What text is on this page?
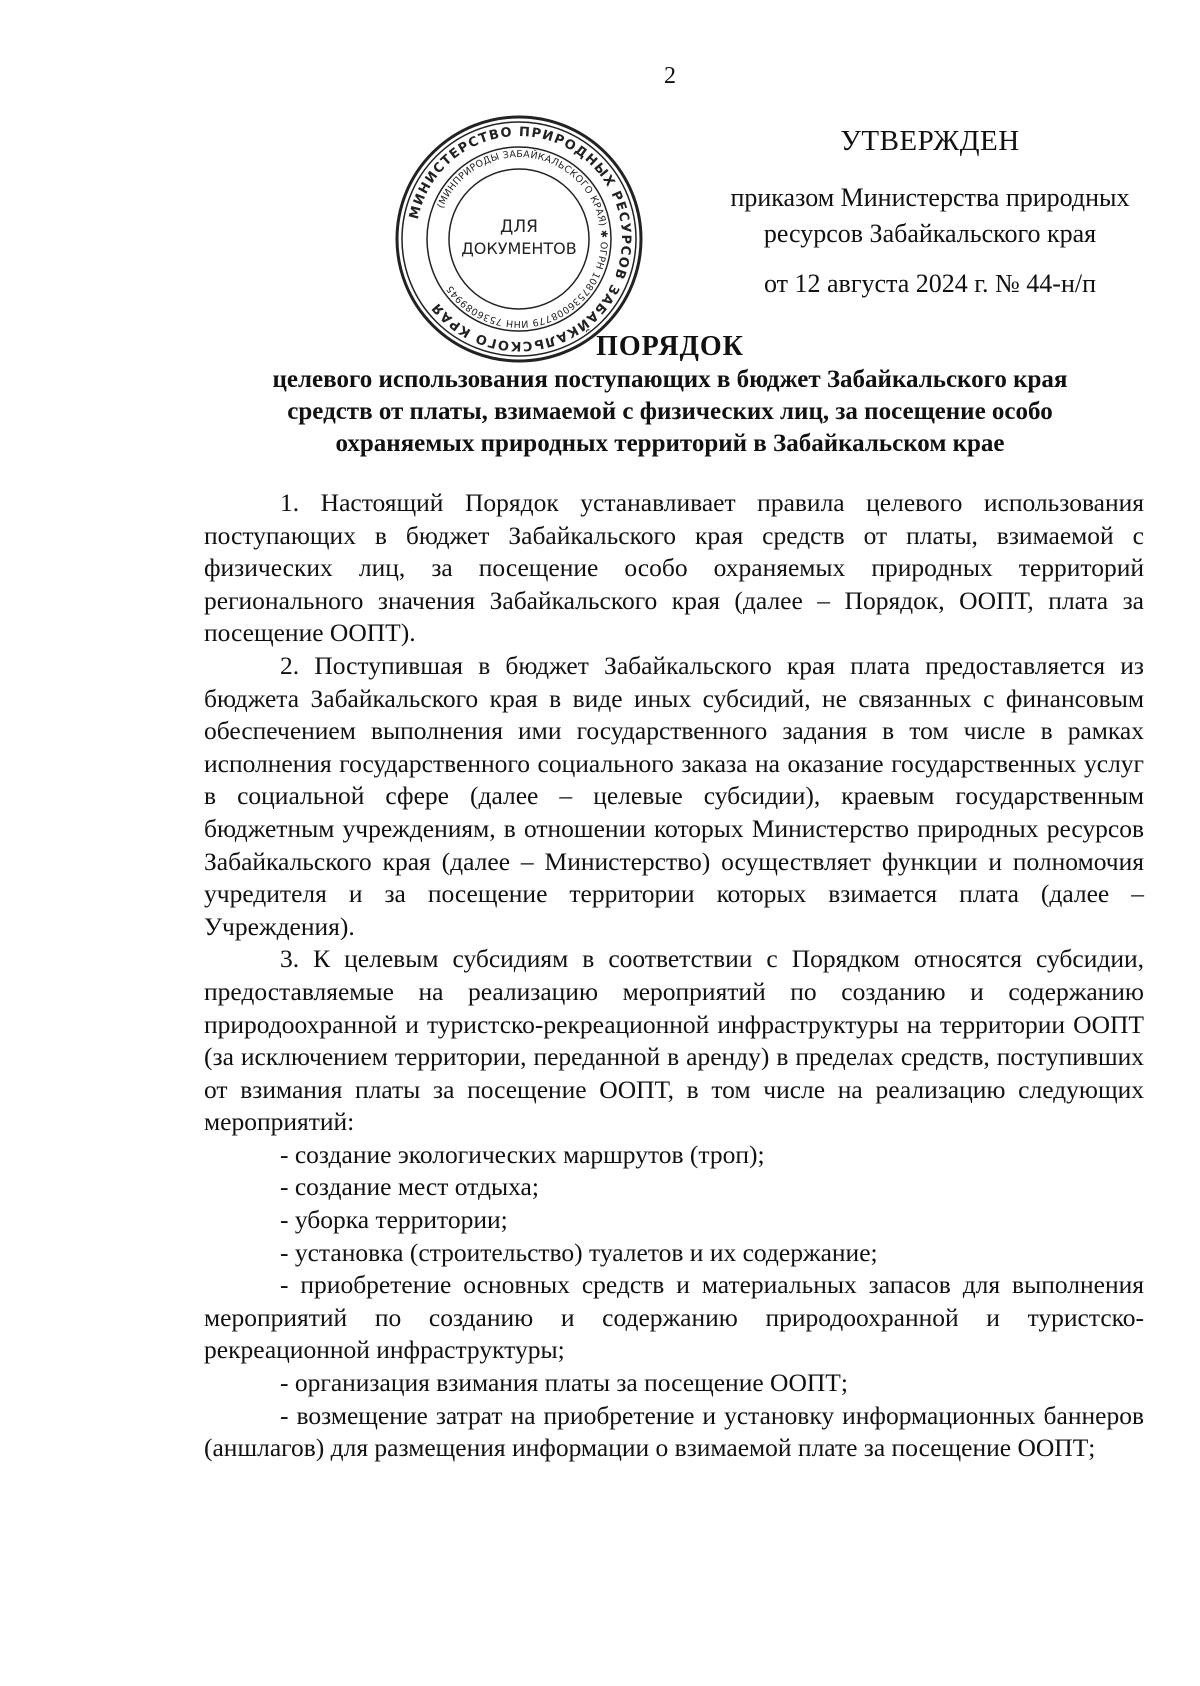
2
МИНИСТЕРСТВО ПРИРОДНЫХ РЕСУРСОВ ЗАБАЙКАЛЬСКОГО КРАЯ
(МИНПРИРОДЫ ЗАБАЙКАЛЬСКОГО КРАЯ) ✱ ОГРН 1087536008779 ИНН 7536089945
ДЛЯ
ДОКУМЕНТОВ
УТВЕРЖДЕН
приказом Министерства природных
ресурсов Забайкальского края
от 12 августа 2024 г. № 44-н/п
ПОРЯДОК
целевого использования поступающих в бюджет Забайкальского края
средств от платы, взимаемой с физических лиц, за посещение особо
охраняемых природных территорий в Забайкальском крае

1. Настоящий Порядок устанавливает правила целевого использования поступающих в бюджет Забайкальского края средств от платы, взимаемой с физических лиц, за посещение особо охраняемых природных территорий регионального значения Забайкальского края (далее – Порядок, ООПТ, плата за посещение ООПТ).

2. Поступившая в бюджет Забайкальского края плата предоставляется из бюджета Забайкальского края в виде иных субсидий, не связанных с финансовым обеспечением выполнения ими государственного задания в том числе в рамках исполнения государственного социального заказа на оказание государственных услуг в социальной сфере (далее – целевые субсидии), краевым государственным бюджетным учреждениям, в отношении которых Министерство природных ресурсов Забайкальского края (далее – Министерство) осуществляет функции и полномочия учредителя и за посещение территории которых взимается плата (далее – Учреждения).

3. К целевым субсидиям в соответствии с Порядком относятся субсидии, предоставляемые на реализацию мероприятий по созданию и содержанию природоохранной и туристско-рекреационной инфраструктуры на территории ООПТ (за исключением территории, переданной в аренду) в пределах средств, поступивших от взимания платы за посещение ООПТ, в том числе на реализацию следующих мероприятий:

- создание экологических маршрутов (троп);

- создание мест отдыха;

- уборка территории;

- установка (строительство) туалетов и их содержание;

- приобретение основных средств и материальных запасов для выполнения мероприятий по созданию и содержанию природоохранной и туристско-рекреационной инфраструктуры;

- организация взимания платы за посещение ООПТ;

- возмещение затрат на приобретение и установку информационных баннеров (аншлагов) для размещения информации о взимаемой плате за посещение ООПТ;
